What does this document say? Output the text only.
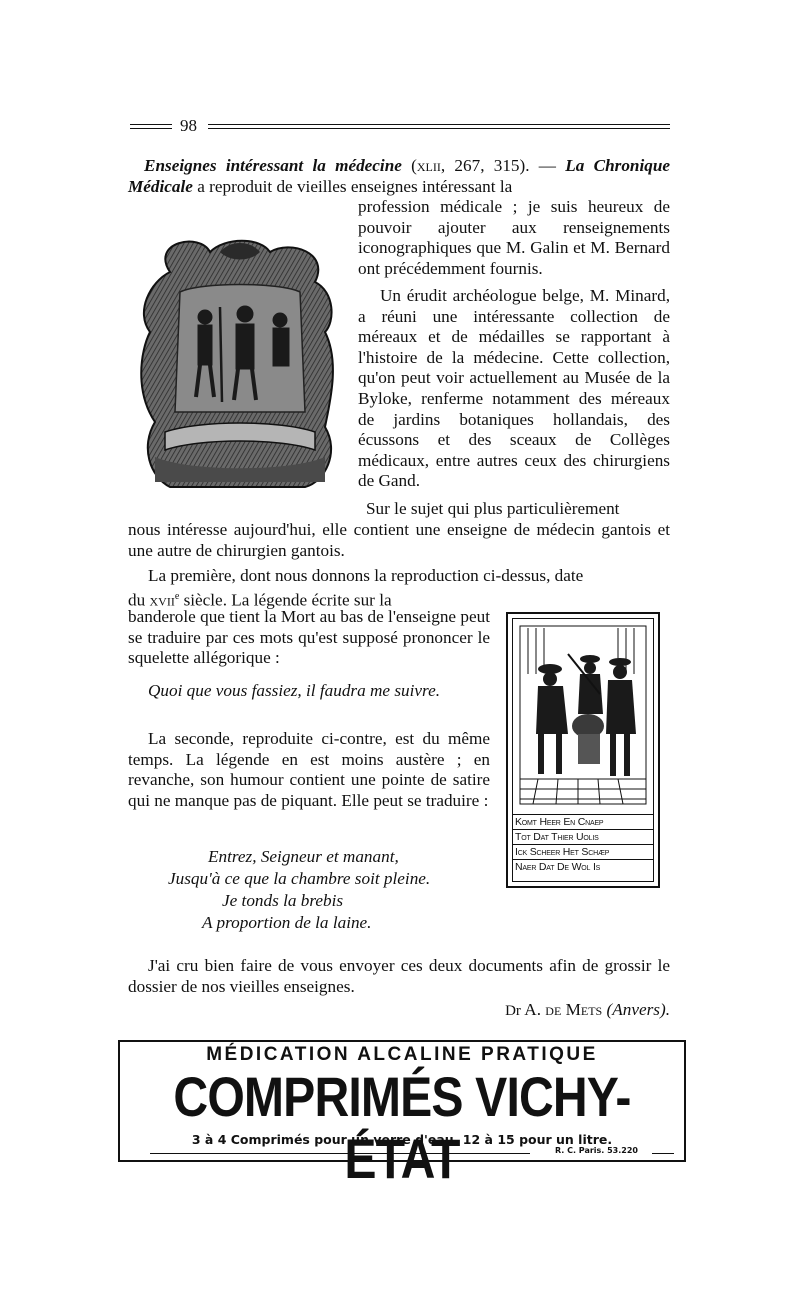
98

Enseignes intéressant la médecine (xlii, 267, 315). — La Chronique Médicale a reproduit de vieilles enseignes intéressant la

profession médicale ; je suis heureux de pouvoir ajouter aux renseignements iconographiques que M. Galin et M. Bernard ont précédemment fournis.

Un érudit archéologue belge, M. Minard, a réuni une intéressante collection de méreaux et de médailles se rapportant à l'histoire de la médecine. Cette collection, qu'on peut voir actuellement au Musée de la Byloke, renferme notamment des méreaux de jardins botaniques hollandais, des écussons et des sceaux de Collèges médicaux, entre autres ceux des chirurgiens de Gand.

Sur le sujet qui plus particulièrement

nous intéresse aujourd'hui, elle contient une enseigne de médecin gantois et une autre de chirurgien gantois.

La première, dont nous donnons la reproduction ci-dessus, date
du xvii$^e$ siècle. La légende écrite sur la

banderole que tient la Mort au bas de l'enseigne peut se traduire par ces mots qu'est supposé prononcer le squelette allégorique :

Quoi que vous fassiez, il faudra me suivre.

La seconde, reproduite ci-contre, est du même temps. La légende en est moins austère ; en revanche, son humour contient une pointe de satire qui ne manque pas de piquant. Elle peut se traduire :

Entrez, Seigneur et manant,
Jusqu'à ce que la chambre soit pleine.
Je tonds la brebis
A proportion de la laine.
Komt Heer En Cnaep
Tot Dat Thier Uolis
Ick Scheer Het Schæp
Naer Dat De Wol Is

J'ai cru bien faire de vous envoyer ces deux documents afin de grossir le dossier de nos vieilles enseignes.

Dr A. de Mets (Anvers).
MÉDICATION ALCALINE PRATIQUE
COMPRIMÉS VICHY-ÉTAT
3 à 4 Comprimés pour un verre d'eau, 12 à 15 pour un litre.
R. C. Paris. 53.220
